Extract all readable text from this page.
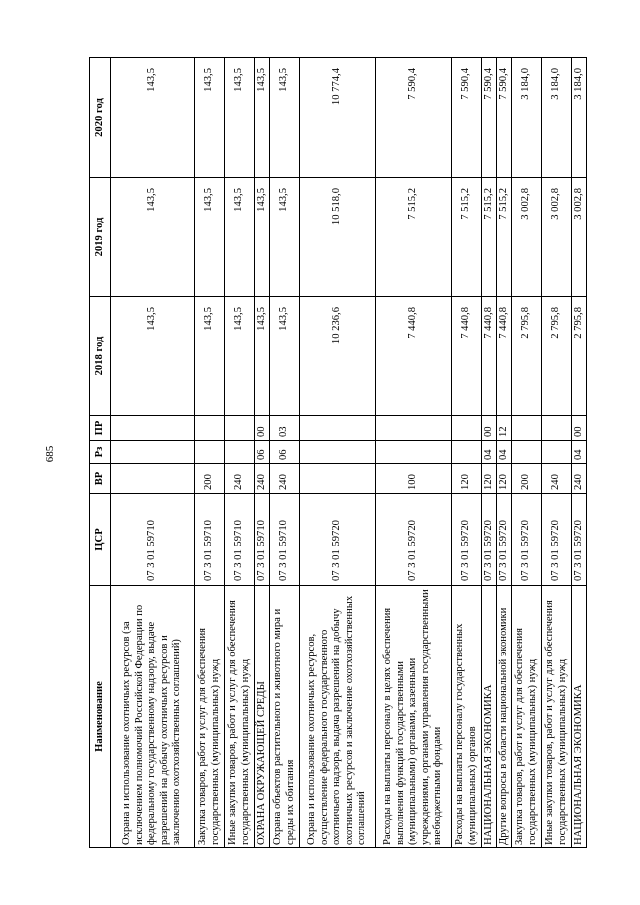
685
Наименование	ЦСР	ВР	Рз	ПР	2018 год	2019 год	2020 год
Охрана и использование охотничьих ресурсов (за исключением полномочий Российской Федерации по федеральному государственному надзору, выдаче разрешений на добычу охотничьих ресурсов и заключению охотхозяйственных соглашений)	07 3 01 59710				143,5	143,5	143,5
Закупка товаров, работ и услуг для обеспечения государственных (муниципальных) нужд	07 3 01 59710	200			143,5	143,5	143,5
Иные закупки товаров, работ и услуг для обеспечения государственных (муниципальных) нужд	07 3 01 59710	240			143,5	143,5	143,5
ОХРАНА ОКРУЖАЮЩЕЙ СРЕДЫ	07 3 01 59710	240	06	00	143,5	143,5	143,5
Охрана объектов растительного и животного мира и среды их обитания	07 3 01 59710	240	06	03	143,5	143,5	143,5
Охрана и использование охотничьих ресурсов, осуществление федерального государственного охотничьего надзора, выдача разрешений на добычу охотничьих ресурсов и заключение охотхозяйственных соглашений	07 3 01 59720				10 236,6	10 518,0	10 774,4
Расходы на выплаты персоналу в целях обеспечения выполнения функций государственными (муниципальными) органами, казенными учреждениями, органами управления государственными внебюджетными фондами	07 3 01 59720	100			7 440,8	7 515,2	7 590,4
Расходы на выплаты персоналу государственных (муниципальных) органов	07 3 01 59720	120			7 440,8	7 515,2	7 590,4
НАЦИОНАЛЬНАЯ ЭКОНОМИКА	07 3 01 59720	120	04	00	7 440,8	7 515,2	7 590,4
Другие вопросы в области национальной экономики	07 3 01 59720	120	04	12	7 440,8	7 515,2	7 590,4
Закупка товаров, работ и услуг для обеспечения государственных (муниципальных) нужд	07 3 01 59720	200			2 795,8	3 002,8	3 184,0
Иные закупки товаров, работ и услуг для обеспечения государственных (муниципальных) нужд	07 3 01 59720	240			2 795,8	3 002,8	3 184,0
НАЦИОНАЛЬНАЯ ЭКОНОМИКА	07 3 01 59720	240	04	00	2 795,8	3 002,8	3 184,0
